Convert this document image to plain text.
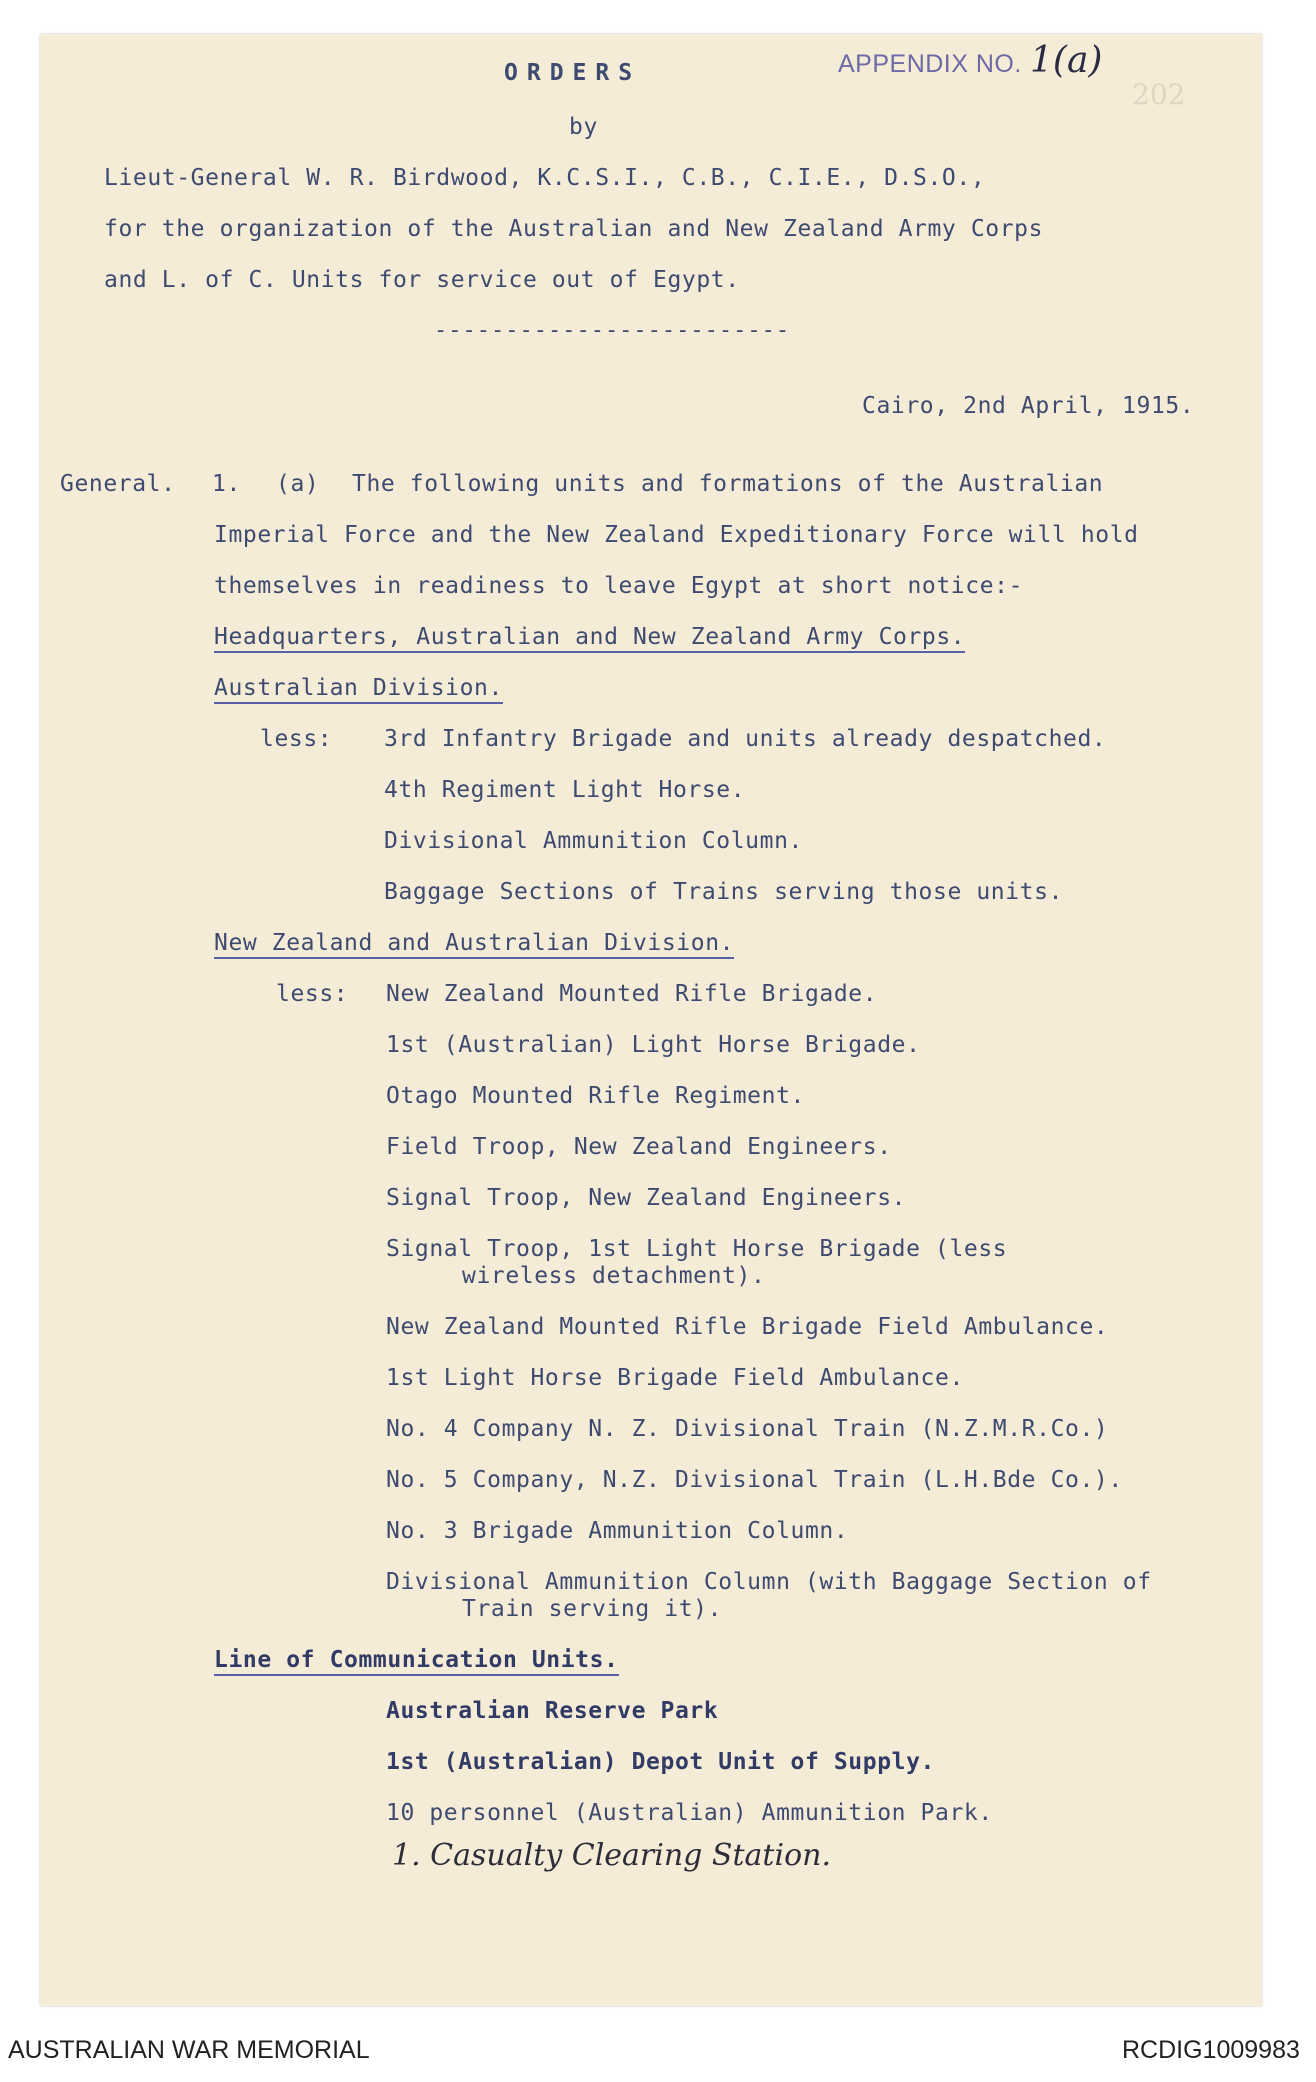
ORDERS
by
APPENDIX NO. 1(a)
202
Lieut-General W. R. Birdwood, K.C.S.I., C.B., C.I.E., D.S.O.,
for the organization of the Australian and New Zealand Army Corps
and L. of C. Units for service out of Egypt.
-------------------------
Cairo, 2nd April, 1915.
General. 1. (a) The following units and formations of the Australian
Imperial Force and the New Zealand Expeditionary Force will hold
themselves in readiness to leave Egypt at short notice:-
Headquarters, Australian and New Zealand Army Corps.
Australian Division.
less: 3rd Infantry Brigade and units already despatched.
4th Regiment Light Horse.
Divisional Ammunition Column.
Baggage Sections of Trains serving those units.
New Zealand and Australian Division.
less: New Zealand Mounted Rifle Brigade.
1st (Australian) Light Horse Brigade.
Otago Mounted Rifle Regiment.
Field Troop, New Zealand Engineers.
Signal Troop, New Zealand Engineers.
Signal Troop, 1st Light Horse Brigade (less
wireless detachment).
New Zealand Mounted Rifle Brigade Field Ambulance.
1st Light Horse Brigade Field Ambulance.
No. 4 Company N. Z. Divisional Train (N.Z.M.R.Co.)
No. 5 Company, N.Z. Divisional Train (L.H.Bde Co.).
No. 3 Brigade Ammunition Column.
Divisional Ammunition Column (with Baggage Section of
Train serving it).
Line of Communication Units.
Australian Reserve Park
1st (Australian) Depot Unit of Supply.
10 personnel (Australian) Ammunition Park.
1. Casualty Clearing Station.
AUSTRALIAN WAR MEMORIAL	RCDIG1009983
